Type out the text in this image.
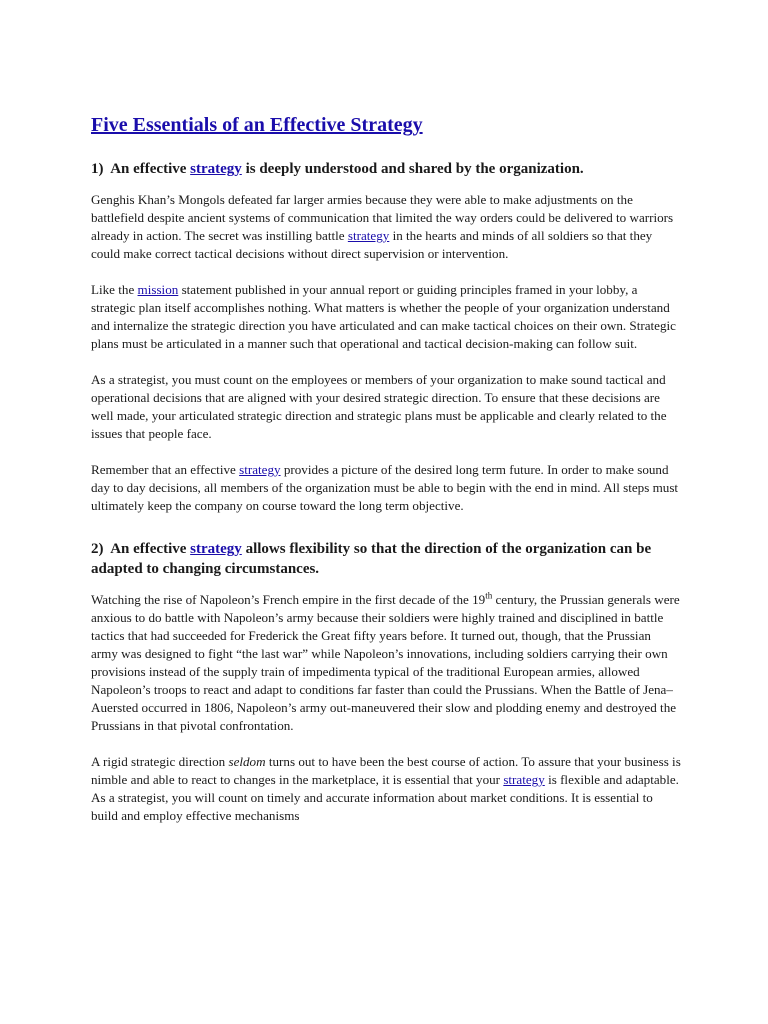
Five Essentials of an Effective Strategy
1) An effective strategy is deeply understood and shared by the organization.

Genghis Khan’s Mongols defeated far larger armies because they were able to make adjustments on the battlefield despite ancient systems of communication that limited the way orders could be delivered to warriors already in action. The secret was instilling battle strategy in the hearts and minds of all soldiers so that they could make correct tactical decisions without direct supervision or intervention.

Like the mission statement published in your annual report or guiding principles framed in your lobby, a strategic plan itself accomplishes nothing. What matters is whether the people of your organization understand and internalize the strategic direction you have articulated and can make tactical choices on their own. Strategic plans must be articulated in a manner such that operational and tactical decision-making can follow suit.

As a strategist, you must count on the employees or members of your organization to make sound tactical and operational decisions that are aligned with your desired strategic direction. To ensure that these decisions are well made, your articulated strategic direction and strategic plans must be applicable and clearly related to the issues that people face.

Remember that an effective strategy provides a picture of the desired long term future. In order to make sound day to day decisions, all members of the organization must be able to begin with the end in mind. All steps must ultimately keep the company on course toward the long term objective.

2) An effective strategy allows flexibility so that the direction of the organization can be adapted to changing circumstances.

Watching the rise of Napoleon’s French empire in the first decade of the 19th century, the Prussian generals were anxious to do battle with Napoleon’s army because their soldiers were highly trained and disciplined in battle tactics that had succeeded for Frederick the Great fifty years before. It turned out, though, that the Prussian army was designed to fight “the last war” while Napoleon’s innovations, including soldiers carrying their own provisions instead of the supply train of impedimenta typical of the traditional European armies, allowed Napoleon’s troops to react and adapt to conditions far faster than could the Prussians. When the Battle of Jena–Auersted occurred in 1806, Napoleon’s army out-maneuvered their slow and plodding enemy and destroyed the Prussians in that pivotal confrontation.

A rigid strategic direction seldom turns out to have been the best course of action. To assure that your business is nimble and able to react to changes in the marketplace, it is essential that your strategy is flexible and adaptable. As a strategist, you will count on timely and accurate information about market conditions. It is essential to build and employ effective mechanisms
